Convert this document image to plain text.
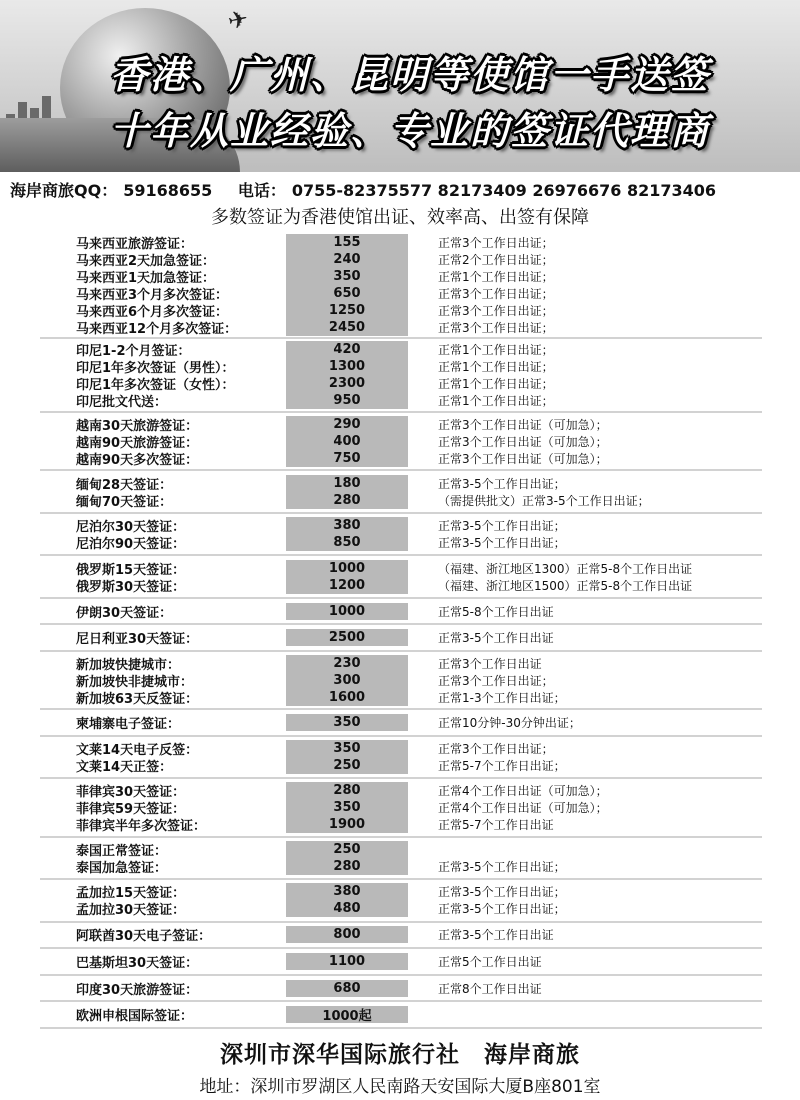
✈
香港、广州、昆明等使馆一手送签
十年从业经验、专业的签证代理商
海岸商旅QQ： 59168655 电话： 0755-82375577 82173409 26976676 82173406
多数签证为香港使馆出证、效率高、出签有保障
马来西亚旅游签证：	155	正常3个工作日出证；
马来西亚2天加急签证：	240	正常2个工作日出证；
马来西亚1天加急签证：	350	正常1个工作日出证；
马来西亚3个月多次签证：	650	正常3个工作日出证；
马来西亚6个月多次签证：	1250	正常3个工作日出证；
马来西亚12个月多次签证：	2450	正常3个工作日出证；
印尼1-2个月签证：	420	正常1个工作日出证；
印尼1年多次签证（男性）：	1300	正常1个工作日出证；
印尼1年多次签证（女性）：	2300	正常1个工作日出证；
印尼批文代送：	950	正常1个工作日出证；
越南30天旅游签证：	290	正常3个工作日出证（可加急）；
越南90天旅游签证：	400	正常3个工作日出证（可加急）；
越南90天多次签证：	750	正常3个工作日出证（可加急）；
缅甸28天签证：	180	正常3-5个工作日出证；
缅甸70天签证：	280	（需提供批文）正常3-5个工作日出证；
尼泊尔30天签证：	380	正常3-5个工作日出证；
尼泊尔90天签证：	850	正常3-5个工作日出证；
俄罗斯15天签证：	1000	（福建、浙江地区1300）正常5-8个工作日出证
俄罗斯30天签证：	1200	（福建、浙江地区1500）正常5-8个工作日出证
伊朗30天签证：	1000	正常5-8个工作日出证
尼日利亚30天签证：	2500	正常3-5个工作日出证
新加坡快捷城市：	230	正常3个工作日出证
新加坡快非捷城市：	300	正常3个工作日出证；
新加坡63天反签证：	1600	正常1-3个工作日出证；
柬埔寨电子签证：	350	正常10分钟-30分钟出证；
文莱14天电子反签：	350	正常3个工作日出证；
文莱14天正签：	250	正常5-7个工作日出证；
菲律宾30天签证：	280	正常4个工作日出证（可加急）；
菲律宾59天签证：	350	正常4个工作日出证（可加急）；
菲律宾半年多次签证：	1900	正常5-7个工作日出证
泰国正常签证：	250
泰国加急签证：	280	正常3-5个工作日出证；
孟加拉15天签证：	380	正常3-5个工作日出证；
孟加拉30天签证：	480	正常3-5个工作日出证；
阿联酋30天电子签证：	800	正常3-5个工作日出证
巴基斯坦30天签证：	1100	正常5个工作日出证
印度30天旅游签证：	680	正常8个工作日出证
欧洲申根国际签证：	1000起
深圳市深华国际旅行社 海岸商旅
地址：深圳市罗湖区人民南路天安国际大厦B座801室
